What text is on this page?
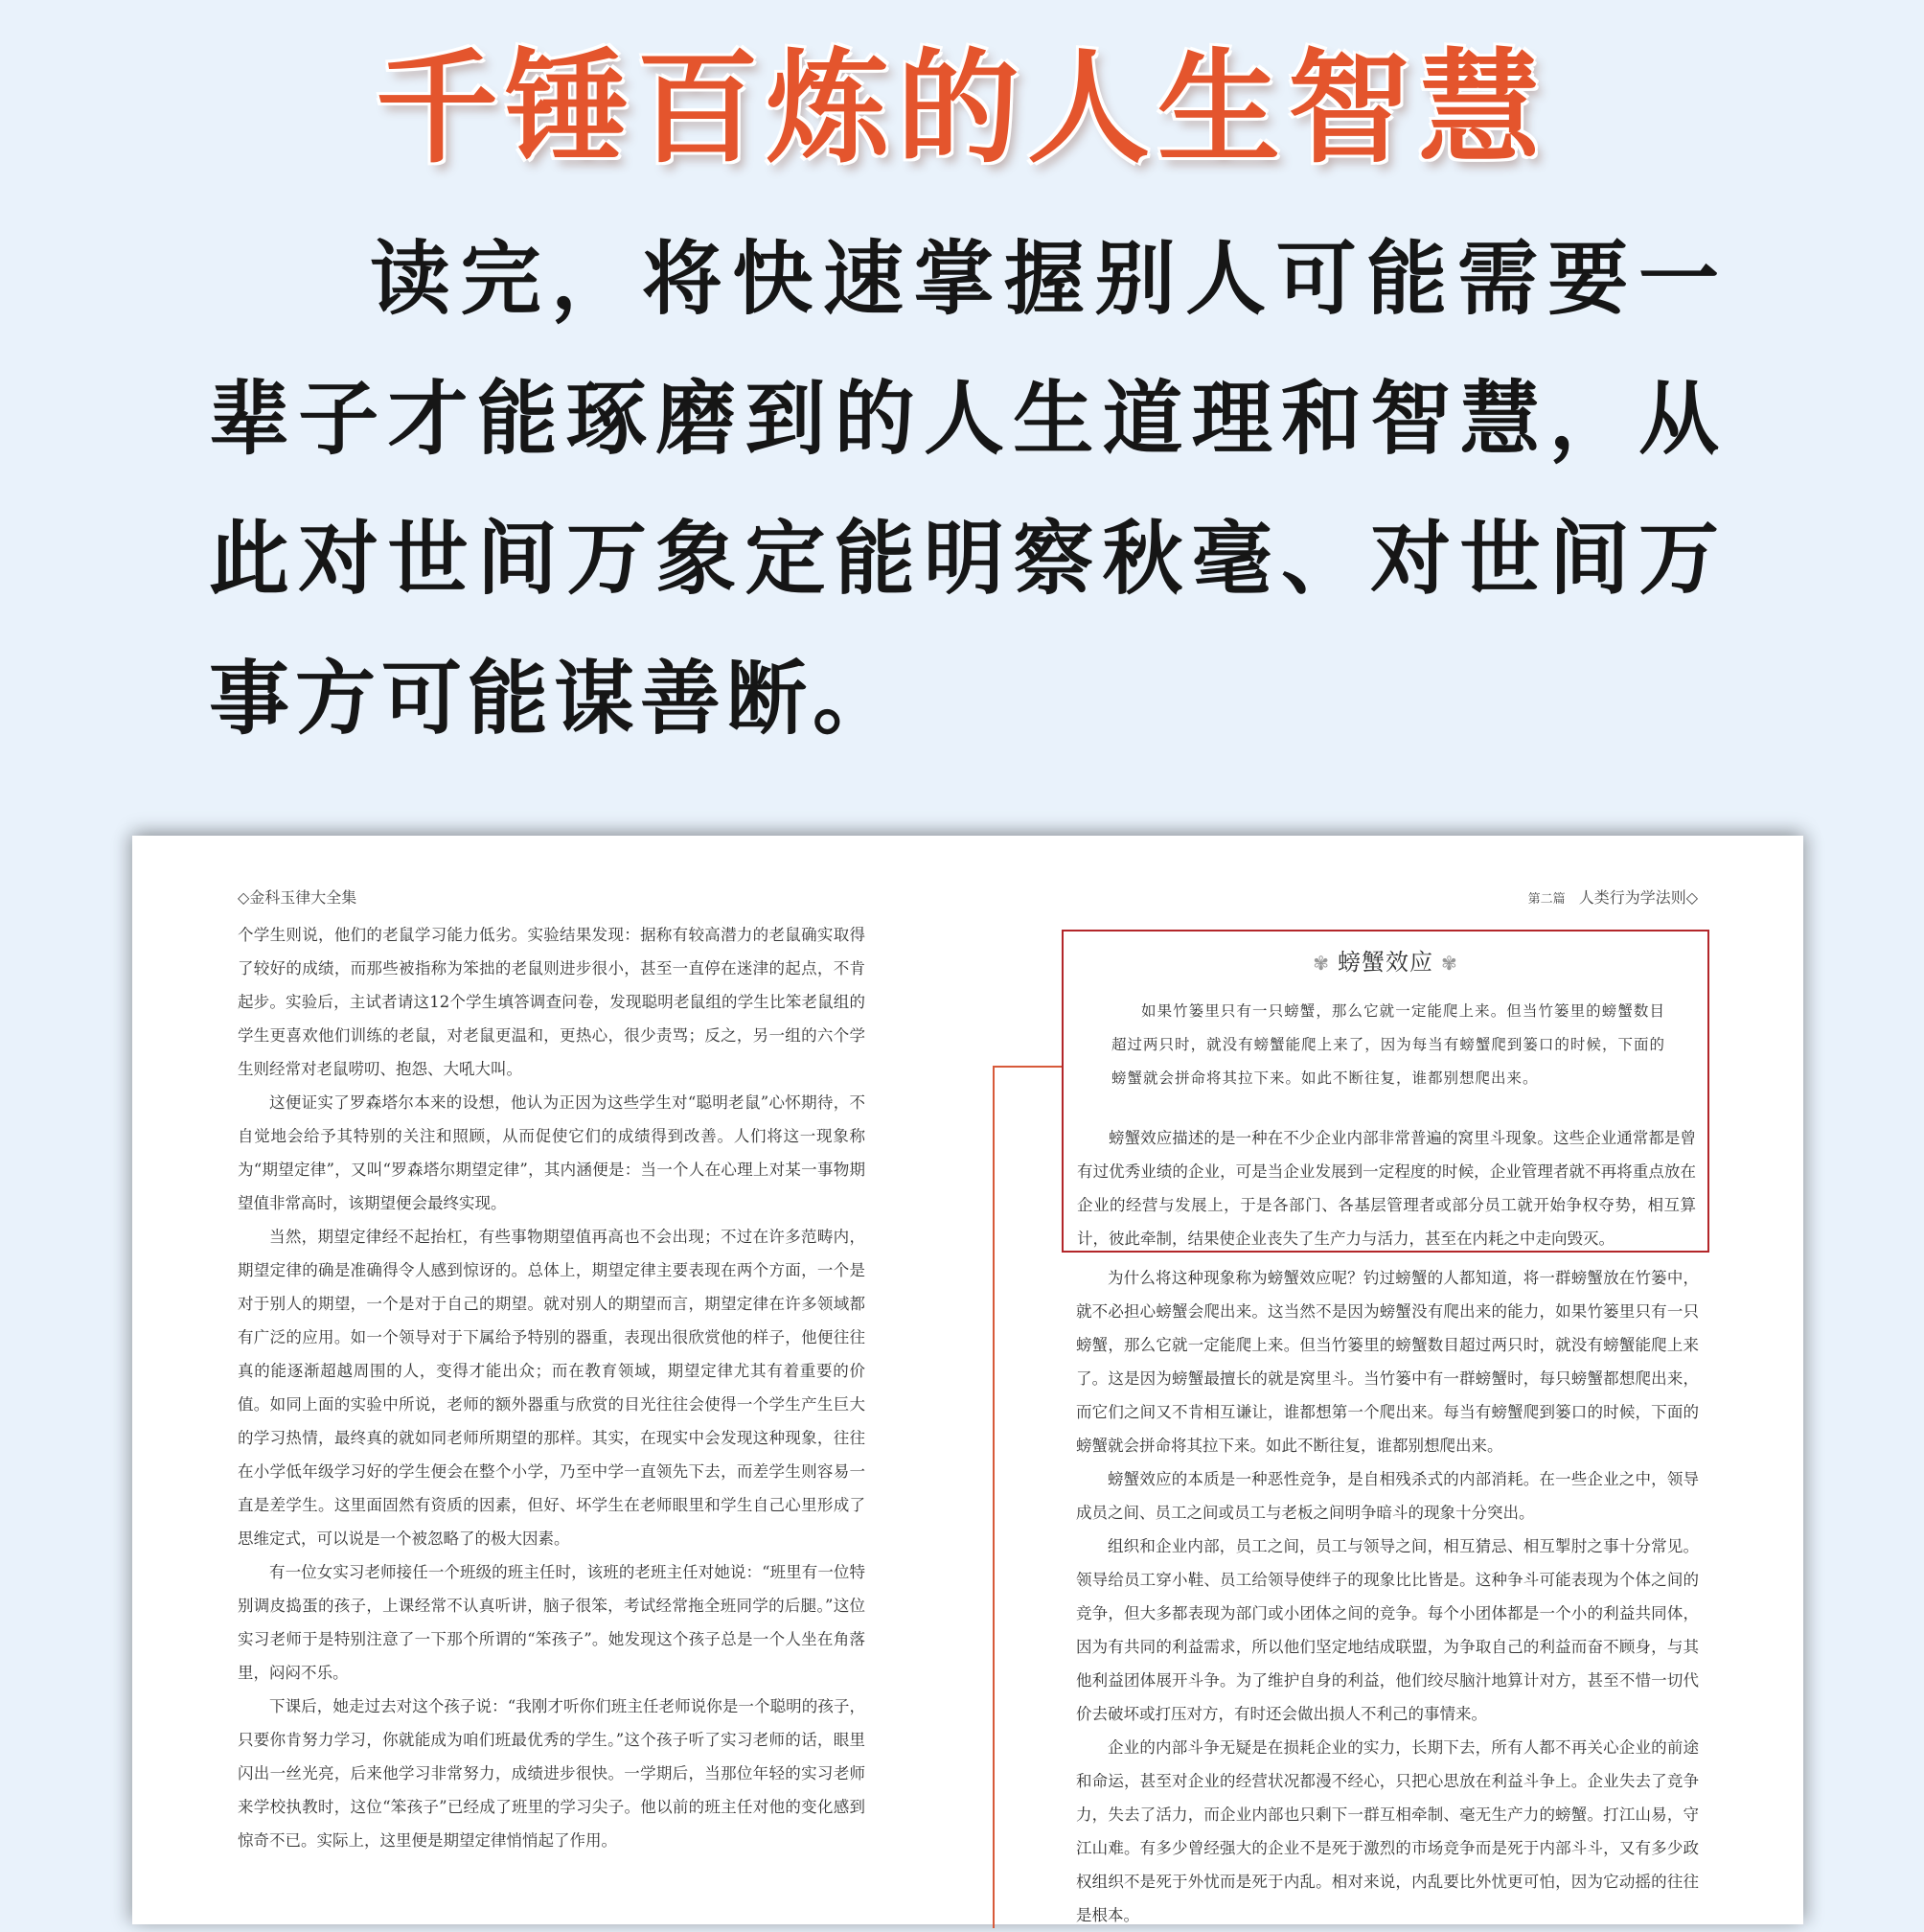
千锤百炼的人生智慧

读完，将快速掌握别人可能需要一辈子才能琢磨到的人生道理和智慧，从此对世间万象定能明察秋毫、对世间万事方可能谋善断。

◇金科玉律大全集	第二篇 人类行为学法则◇

个学生则说，他们的老鼠学习能力低劣。实验结果发现：据称有较高潜力的老鼠确实取得了较好的成绩，而那些被指称为笨拙的老鼠则进步很小，甚至一直停在迷津的起点，不肯起步。实验后，主试者请这12个学生填答调查问卷，发现聪明老鼠组的学生比笨老鼠组的学生更喜欢他们训练的老鼠，对老鼠更温和，更热心，很少责骂；反之，另一组的六个学生则经常对老鼠唠叨、抱怨、大吼大叫。

这便证实了罗森塔尔本来的设想，他认为正因为这些学生对“聪明老鼠”心怀期待，不自觉地会给予其特别的关注和照顾，从而促使它们的成绩得到改善。人们将这一现象称为“期望定律”，又叫“罗森塔尔期望定律”，其内涵便是：当一个人在心理上对某一事物期望值非常高时，该期望便会最终实现。

当然，期望定律经不起抬杠，有些事物期望值再高也不会出现；不过在许多范畴内，期望定律的确是准确得令人感到惊讶的。总体上，期望定律主要表现在两个方面，一个是对于别人的期望，一个是对于自己的期望。就对别人的期望而言，期望定律在许多领域都有广泛的应用。如一个领导对于下属给予特别的器重，表现出很欣赏他的样子，他便往往真的能逐渐超越周围的人，变得才能出众；而在教育领域，期望定律尤其有着重要的价值。如同上面的实验中所说，老师的额外器重与欣赏的目光往往会使得一个学生产生巨大的学习热情，最终真的就如同老师所期望的那样。其实，在现实中会发现这种现象，往往在小学低年级学习好的学生便会在整个小学，乃至中学一直领先下去，而差学生则容易一直是差学生。这里面固然有资质的因素，但好、坏学生在老师眼里和学生自己心里形成了思维定式，可以说是一个被忽略了的极大因素。

有一位女实习老师接任一个班级的班主任时，该班的老班主任对她说：“班里有一位特别调皮捣蛋的孩子，上课经常不认真听讲，脑子很笨，考试经常拖全班同学的后腿。”这位实习老师于是特别注意了一下那个所谓的“笨孩子”。她发现这个孩子总是一个人坐在角落里，闷闷不乐。

下课后，她走过去对这个孩子说：“我刚才听你们班主任老师说你是一个聪明的孩子，只要你肯努力学习，你就能成为咱们班最优秀的学生。”这个孩子听了实习老师的话，眼里闪出一丝光亮，后来他学习非常努力，成绩进步很快。一学期后，当那位年轻的实习老师来学校执教时，这位“笨孩子”已经成了班里的学习尖子。他以前的班主任对他的变化感到惊奇不已。实际上，这里便是期望定律悄悄起了作用。

✾ 螃蟹效应 ✾

如果竹篓里只有一只螃蟹，那么它就一定能爬上来。但当竹篓里的螃蟹数目超过两只时，就没有螃蟹能爬上来了，因为每当有螃蟹爬到篓口的时候，下面的螃蟹就会拼命将其拉下来。如此不断往复，谁都别想爬出来。

螃蟹效应描述的是一种在不少企业内部非常普遍的窝里斗现象。这些企业通常都是曾有过优秀业绩的企业，可是当企业发展到一定程度的时候，企业管理者就不再将重点放在企业的经营与发展上，于是各部门、各基层管理者或部分员工就开始争权夺势，相互算计，彼此牵制，结果使企业丧失了生产力与活力，甚至在内耗之中走向毁灭。

为什么将这种现象称为螃蟹效应呢？钓过螃蟹的人都知道，将一群螃蟹放在竹篓中，就不必担心螃蟹会爬出来。这当然不是因为螃蟹没有爬出来的能力，如果竹篓里只有一只螃蟹，那么它就一定能爬上来。但当竹篓里的螃蟹数目超过两只时，就没有螃蟹能爬上来了。这是因为螃蟹最擅长的就是窝里斗。当竹篓中有一群螃蟹时，每只螃蟹都想爬出来，而它们之间又不肯相互谦让，谁都想第一个爬出来。每当有螃蟹爬到篓口的时候，下面的螃蟹就会拼命将其拉下来。如此不断往复，谁都别想爬出来。

螃蟹效应的本质是一种恶性竞争，是自相残杀式的内部消耗。在一些企业之中，领导成员之间、员工之间或员工与老板之间明争暗斗的现象十分突出。

组织和企业内部，员工之间，员工与领导之间，相互猜忌、相互掣肘之事十分常见。领导给员工穿小鞋、员工给领导使绊子的现象比比皆是。这种争斗可能表现为个体之间的竞争，但大多都表现为部门或小团体之间的竞争。每个小团体都是一个小的利益共同体，因为有共同的利益需求，所以他们坚定地结成联盟，为争取自己的利益而奋不顾身，与其他利益团体展开斗争。为了维护自身的利益，他们绞尽脑汁地算计对方，甚至不惜一切代价去破坏或打压对方，有时还会做出损人不利己的事情来。

企业的内部斗争无疑是在损耗企业的实力，长期下去，所有人都不再关心企业的前途和命运，甚至对企业的经营状况都漫不经心，只把心思放在利益斗争上。企业失去了竞争力，失去了活力，而企业内部也只剩下一群互相牵制、毫无生产力的螃蟹。打江山易，守江山难。有多少曾经强大的企业不是死于激烈的市场竞争而是死于内部斗斗，又有多少政权组织不是死于外忧而是死于内乱。相对来说，内乱要比外忧更可怕，因为它动摇的往往是根本。
